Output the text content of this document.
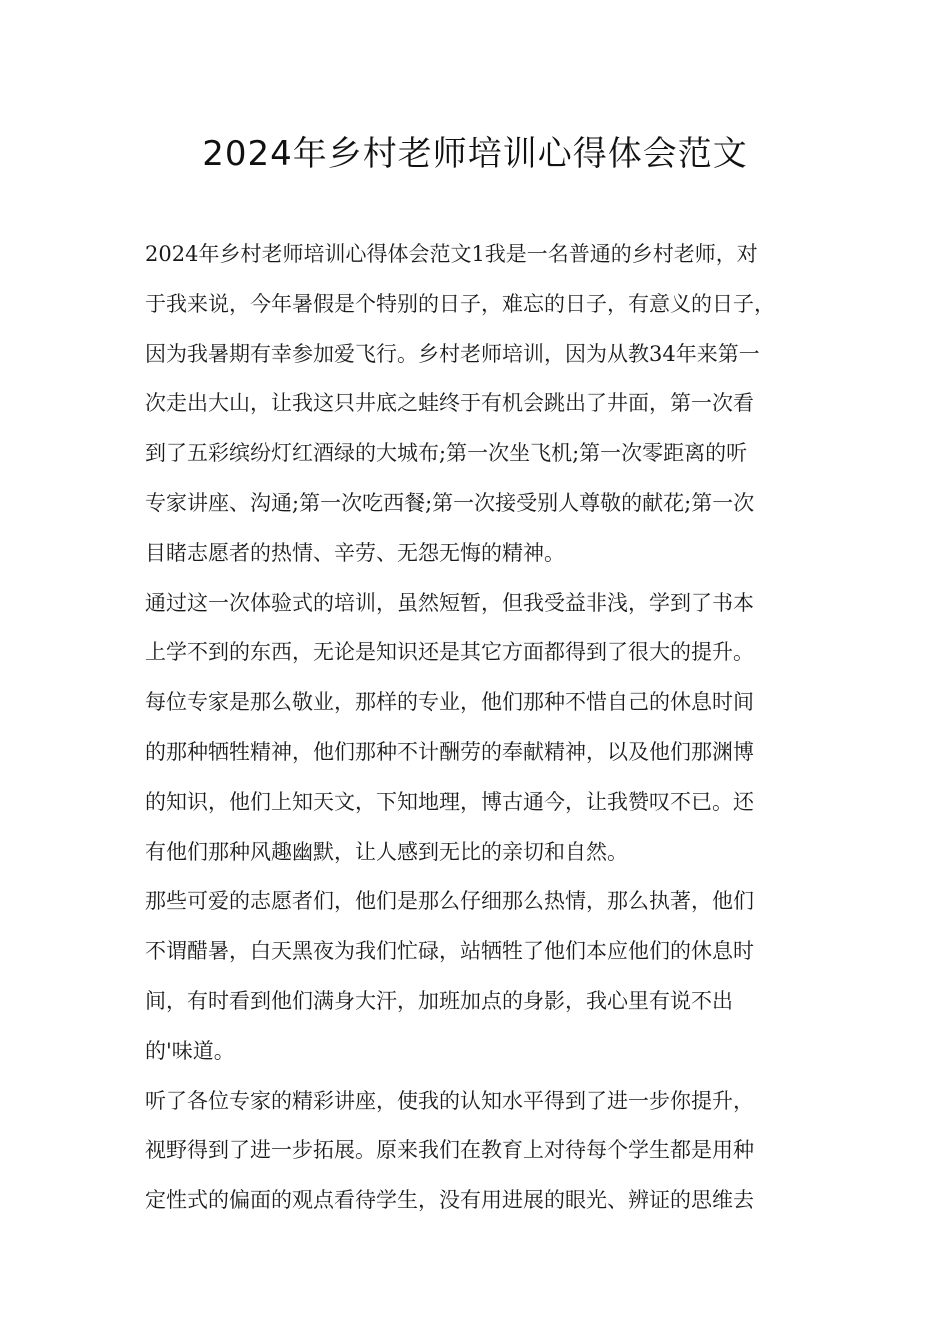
2024年乡村老师培训心得体会范文
2024年乡村老师培训心得体会范文1我是一名普通的乡村老师，对
于我来说，今年暑假是个特别的日子，难忘的日子，有意义的日子，
因为我暑期有幸参加爱飞行。乡村老师培训，因为从教34年来第一
次走出大山，让我这只井底之蛙终于有机会跳出了井面，第一次看
到了五彩缤纷灯红酒绿的大城布;第一次坐飞机;第一次零距离的听
专家讲座、沟通;第一次吃西餐;第一次接受别人尊敬的献花;第一次
目睹志愿者的热情、辛劳、无怨无悔的精神。
通过这一次体验式的培训，虽然短暂，但我受益非浅，学到了书本
上学不到的东西，无论是知识还是其它方面都得到了很大的提升。
每位专家是那么敬业，那样的专业，他们那种不惜自己的休息时间
的那种牺牲精神，他们那种不计酬劳的奉献精神，以及他们那渊博
的知识，他们上知天文，下知地理，博古通今，让我赞叹不已。还
有他们那种风趣幽默，让人感到无比的亲切和自然。
那些可爱的志愿者们，他们是那么仔细那么热情，那么执著，他们
不谓醋暑，白天黑夜为我们忙碌，站牺牲了他们本应他们的休息时
间，有时看到他们满身大汗，加班加点的身影，我心里有说不出
的'味道。
听了各位专家的精彩讲座，使我的认知水平得到了进一步你提升，
视野得到了进一步拓展。原来我们在教育上对待每个学生都是用种
定性式的偏面的观点看待学生，没有用进展的眼光、辨证的思维去
